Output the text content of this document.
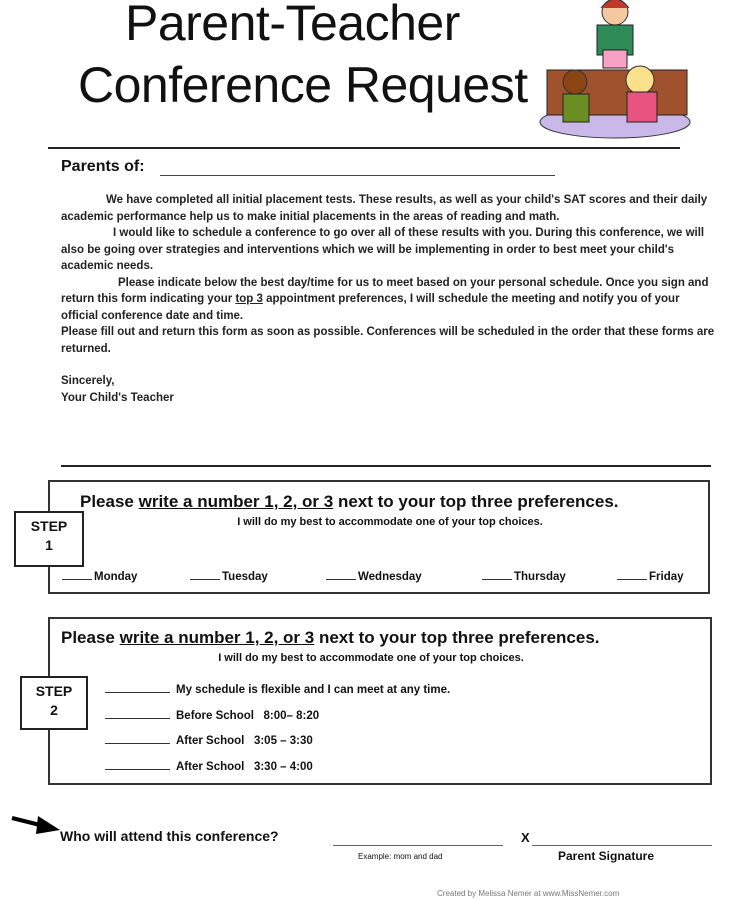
Parent-Teacher
Conference Request
Parents of:

We have completed all initial placement tests. These results, as well as your child's SAT scores and their daily academic performance help us to make initial placements in the areas of reading and math.

I would like to schedule a conference to go over all of these results with you. During this conference, we will also be going over strategies and interventions which we will be implementing in order to best meet your child's academic needs.

Please indicate below the best day/time for us to meet based on your personal schedule. Once you sign and return this form indicating your top 3 appointment preferences, I will schedule the meeting and notify you of your official conference date and time.

Please fill out and return this form as soon as possible. Conferences will be scheduled in the order that these forms are returned.

Sincerely,

Your Child's Teacher

Please write a number 1, 2, or 3 next to your top three preferences.
I will do my best to accommodate one of your top choices.
STEP
1
Monday	Tuesday	Wednesday	Thursday	Friday
Please write a number 1, 2, or 3 next to your top three preferences.
I will do my best to accommodate one of your top choices.
STEP
2
My schedule is flexible and I can meet at any time.
Before School   8:00– 8:20
After School   3:05 – 3:30
After School   3:30 – 4:00
Who will attend this conference?
Example: mom and dad
X
Parent Signature
Created by Melissa Nemer at www.MissNemer.com
